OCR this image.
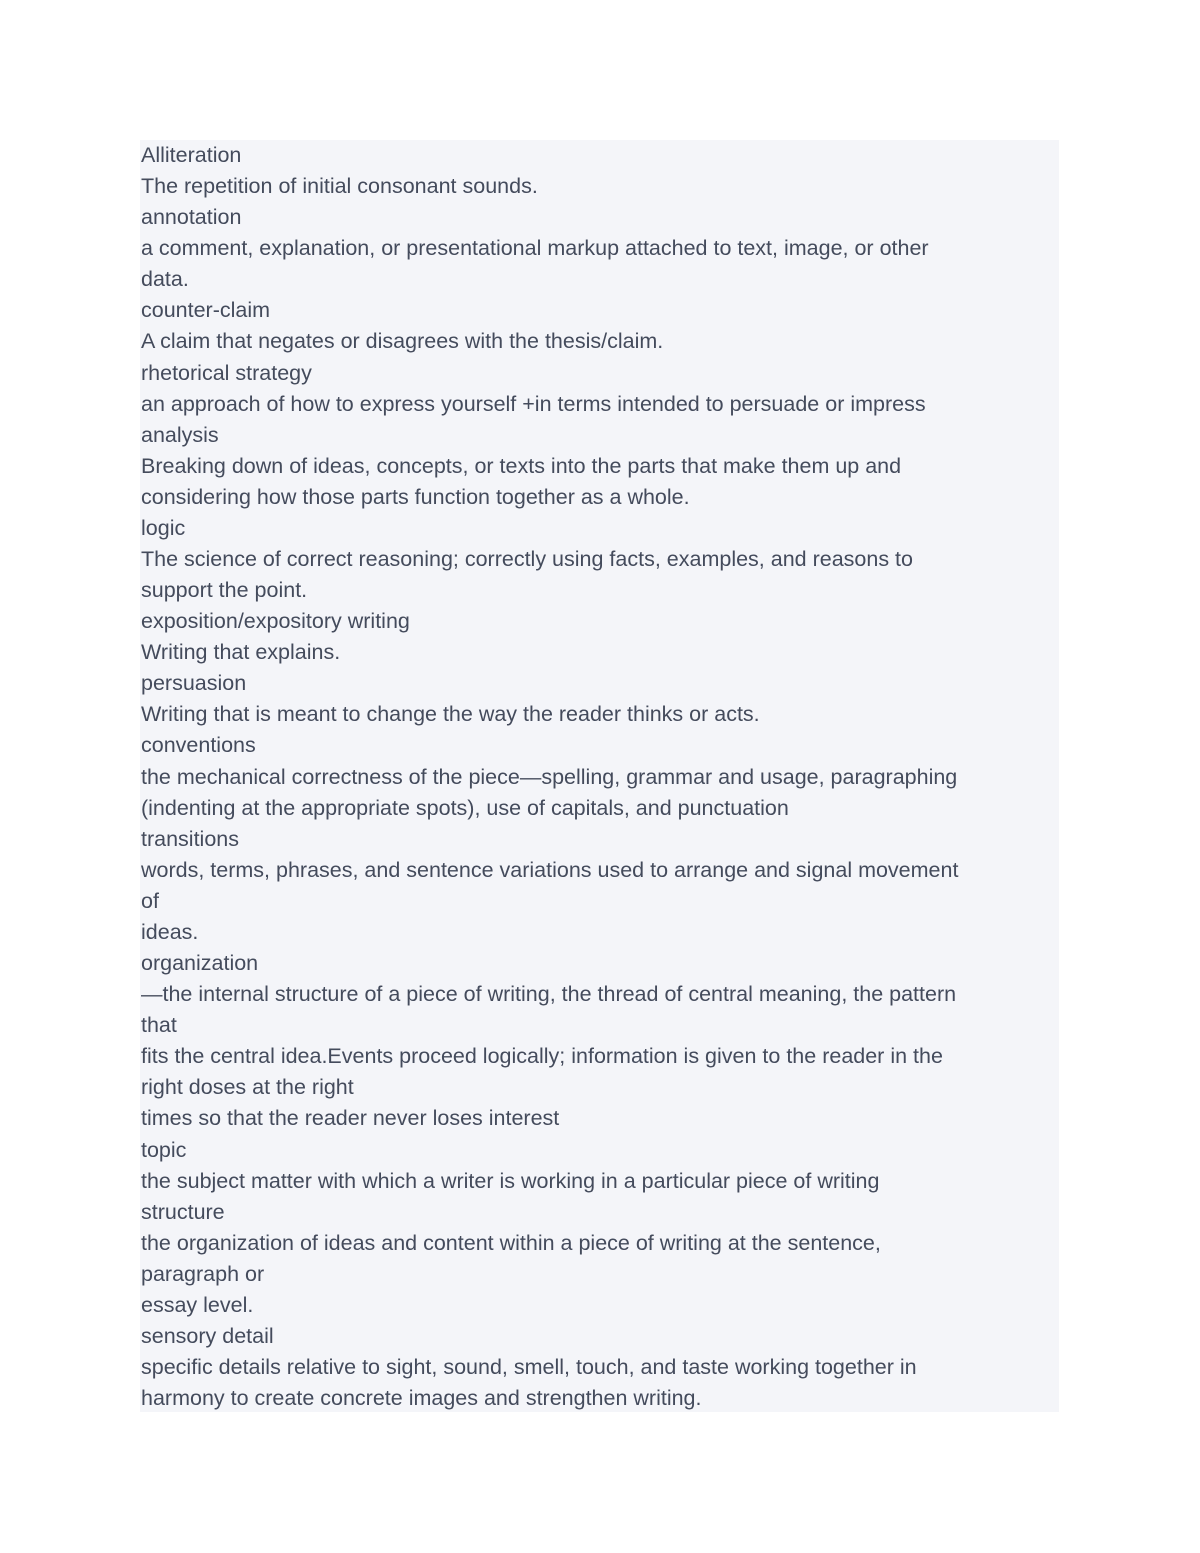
Alliteration
The repetition of initial consonant sounds.
annotation
a comment, explanation, or presentational markup attached to text, image, or other
data.
counter-claim
A claim that negates or disagrees with the thesis/claim.
rhetorical strategy
an approach of how to express yourself +in terms intended to persuade or impress
analysis
Breaking down of ideas, concepts, or texts into the parts that make them up and
considering how those parts function together as a whole.
logic
The science of correct reasoning; correctly using facts, examples, and reasons to
support the point.
exposition/expository writing
Writing that explains.
persuasion
Writing that is meant to change the way the reader thinks or acts.
conventions
the mechanical correctness of the piece—spelling, grammar and usage, paragraphing
(indenting at the appropriate spots), use of capitals, and punctuation
transitions
words, terms, phrases, and sentence variations used to arrange and signal movement
of
ideas.
organization
—the internal structure of a piece of writing, the thread of central meaning, the pattern
that
fits the central idea.Events proceed logically; information is given to the reader in the
right doses at the right
times so that the reader never loses interest
topic
the subject matter with which a writer is working in a particular piece of writing
structure
the organization of ideas and content within a piece of writing at the sentence,
paragraph or
essay level.
sensory detail
specific details relative to sight, sound, smell, touch, and taste working together in
harmony to create concrete images and strengthen writing.
